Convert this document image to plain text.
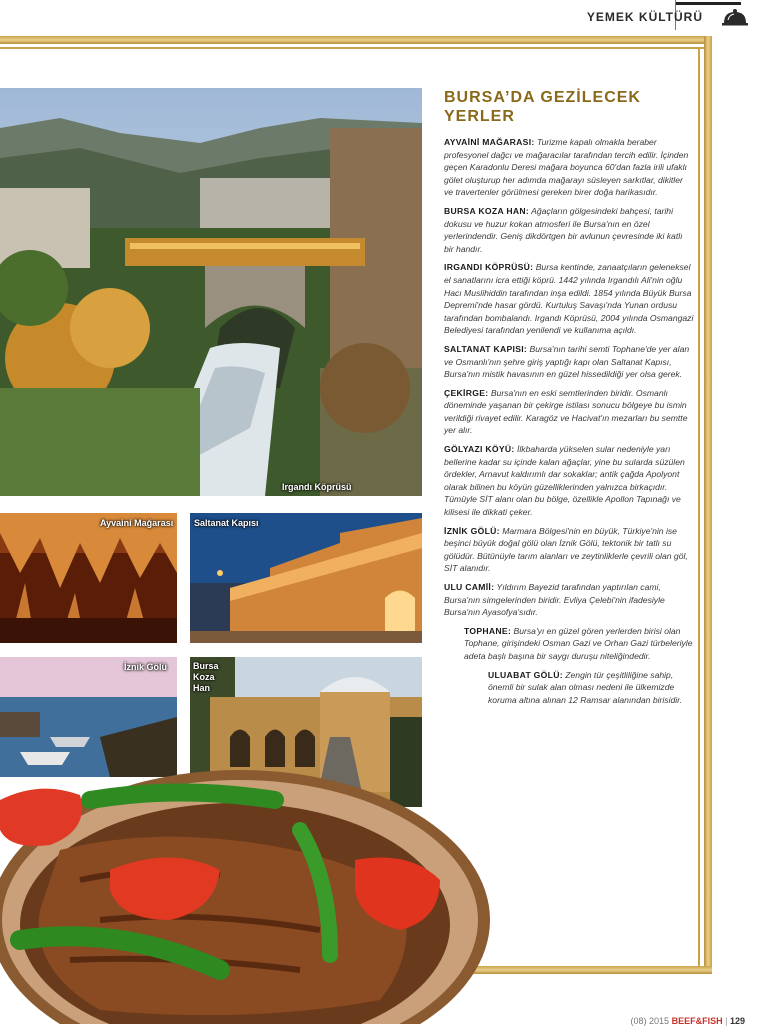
YEMEK KÜLTÜRÜ
Irgandı Köprüsü
Ayvaini Mağarası Saltanat Kapısı
İznik Gölü	Bursa Koza Han
BURSA’DA GEZİLECEK YERLER

AYVAİNİ MAĞARASI: Turizme kapalı olmakla beraber profesyonel dağcı ve mağaracılar tarafından tercih edilir. İçinden geçen Karadonlu Deresi mağara boyunca 60'dan fazla irili ufaklı gölet oluşturup her adımda mağarayı süsleyen sarkıtlar, dikitler ve travertenler görülmesi gereken birer doğa harikasıdır.

BURSA KOZA HAN: Ağaçların gölgesindeki bahçesi, tarihi dokusu ve huzur kokan atmosferi ile Bursa'nın en özel yerlerindendir. Geniş dikdörtgen bir avlunun çevresinde iki katlı bir handır.

IRGANDI KÖPRÜSÜ: Bursa kentinde, zanaatçıların geleneksel el sanatlarını icra ettiği köprü. 1442 yılında Irgandılı Ali'nin oğlu Hacı Muslihiddin tarafından inşa edildi. 1854 yılında Büyük Bursa Depremi'nde hasar gördü. Kurtuluş Savaşı'nda Yunan ordusu tarafından bombalandı. Irgandı Köprüsü, 2004 yılında Osmangazi Belediyesi tarafından yenilendi ve kullanıma açıldı.

SALTANAT KAPISI: Bursa'nın tarihi semti Tophane'de yer alan ve Osmanlı'nın şehre giriş yaptığı kapı olan Saltanat Kapısı, Bursa'nın mistik havasının en güzel hissedildiği yer olsa gerek.

ÇEKİRGE: Bursa'nın en eski semtlerinden biridir. Osmanlı döneminde yaşanan bir çekirge istilası sonucu bölgeye bu ismin verildiği rivayet edilir. Karagöz ve Hacivat'ın mezarları bu semtte yer alır.

GÖLYAZI KÖYÜ: İlkbaharda yükselen sular nedeniyle yarı bellerine kadar su içinde kalan ağaçlar, yine bu sularda süzülen ördekler, Arnavut kaldırımlı dar sokaklar; antik çağda Apolyont olarak bilinen bu köyün güzelliklerinden yalnızca birkaçıdır. Tümüyle SİT alanı olan bu bölge, özellikle Apollon Tapınağı ve kilisesi ile dikkati çeker.

İZNİK GÖLÜ: Marmara Bölgesi'nin en büyük, Türkiye'nin ise beşinci büyük doğal gölü olan İznik Gölü, tektonik bir tatlı su gölüdür. Bütünüyle tarım alanları ve zeytinliklerle çevrili olan göl, SİT alanıdır.

ULU CAMİİ: Yıldırım Bayezid tarafından yaptırılan cami, Bursa'nın simgelerinden biridir. Evliya Çelebi'nin ifadesiyle Bursa'nın Ayasofya'sıdır.

TOPHANE: Bursa'yı en güzel gören yerlerden birisi olan Tophane, girişindeki Osman Gazi ve Orhan Gazi türbeleriyle adeta başlı başına bir saygı duruşu niteliğindedir.

ULUABAT GÖLÜ: Zengin tür çeşitliliğine sahip, önemli bir sulak alan olması nedeni ile ülkemizde koruma altına alınan 12 Ramsar alanından birisidir.

(08) 2015 BEEF&FISH | 129
